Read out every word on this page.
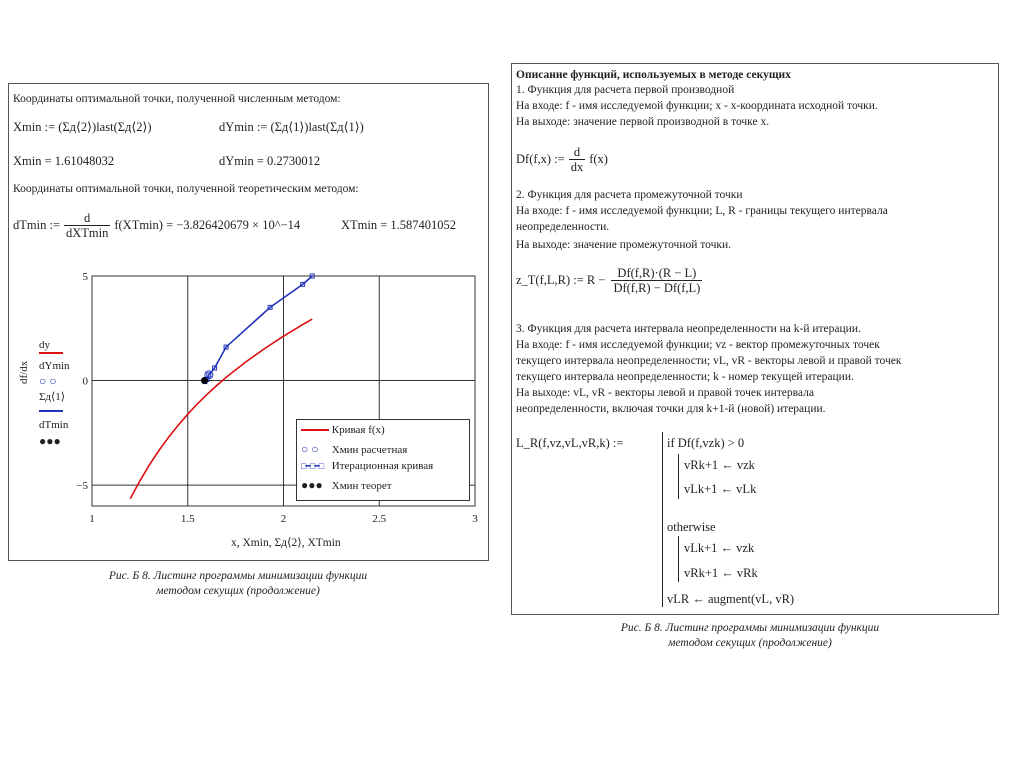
Координаты оптимальной точки, полученной численным методом:
Xmin := (Σд⟨2⟩)last(Σд⟨2⟩)	dYmin := (Σд⟨1⟩)last(Σд⟨1⟩)
Xmin = 1.61048032	dYmin = 0.2730012
Координаты оптимальной точки, полученной теоретическим методом:
dTmin := $\frac{d}{\text{dXTmin}} f(XTmin) = -3.826420679$ × 10^−14	XTmin = 1.587401052
1	1.5	2	2.5	3
5
0
−5
dy
dYmin
○ ○
Σд⟨1⟩
dTmin
●●●
df/dx
x, Xmin, Σд⟨2⟩, XTmin
Кривая f(x)
○ ○ Хмин расчетная
□━□━□ Итерационная кривая
●●● Хмин теорет
Рис. Б 8. Листинг программы минимизации функции
методом секущих (продолжение)
Описание функций, используемых в методе секущих
1. Функция для расчета первой производной
На входе: f - имя исследуемой функции; x - x-координата исходной точки.
На выходе: значение первой производной в точке x.
Df(f,x) := $\frac{d}{dx} f(x)$
2. Функция для расчета промежуточной точки
На входе: f - имя исследуемой функции; L, R - границы текущего интервала
неопределенности.
На выходе: значение промежуточной точки.
z_T(f,L,R) := $R - \frac{Df(f,R)\cdot(R - L)}{Df(f,R) - Df(f,L)}$
3. Функция для расчета интервала неопределенности на k-й итерации.
На входе: f - имя исследуемой функции; vz - вектор промежуточных точек
текущего интервала неопределенности; vL, vR - векторы левой и правой точек
текущего интервала неопределенности; k - номер текущей итерации.
На выходе: vL, vR - векторы левой и правой точек интервала
неопределенности, включая точки для k+1-й (новой) итерации.
L_R(f,vz,vL,vR,k) :=	if Df(f,vzk) > 0
vRk+1 ← vzk
vLk+1 ← vLk
otherwise
vLk+1 ← vzk
vRk+1 ← vRk
vLR ← augment(vL, vR)
Рис. Б 8. Листинг программы минимизации функции
методом секущих (продолжение)
